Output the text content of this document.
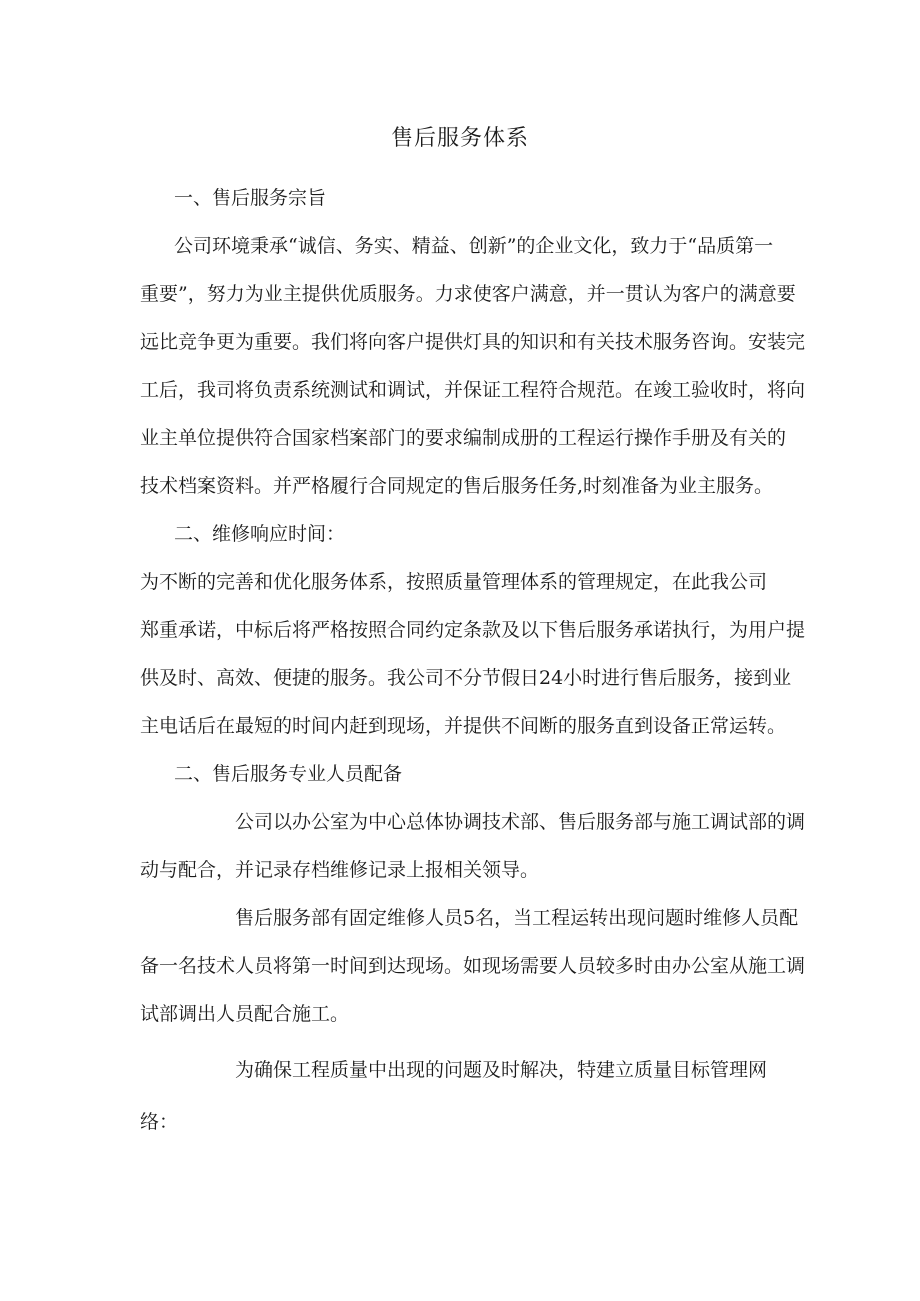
售后服务体系
一、售后服务宗旨
公司环境秉承“诚信、务实、精益、创新”的企业文化，致力于“品质第一
重要”，努力为业主提供优质服务。力求使客户满意，并一贯认为客户的满意要
远比竞争更为重要。我们将向客户提供灯具的知识和有关技术服务咨询。安装完
工后，我司将负责系统测试和调试，并保证工程符合规范。在竣工验收时，将向
业主单位提供符合国家档案部门的要求编制成册的工程运行操作手册及有关的
技术档案资料。并严格履行合同规定的售后服务任务,时刻准备为业主服务。
二、维修响应时间：
为不断的完善和优化服务体系，按照质量管理体系的管理规定，在此我公司
郑重承诺，中标后将严格按照合同约定条款及以下售后服务承诺执行，为用户提
供及时、高效、便捷的服务。我公司不分节假日24小时进行售后服务，接到业
主电话后在最短的时间内赶到现场，并提供不间断的服务直到设备正常运转。
二、售后服务专业人员配备
公司以办公室为中心总体协调技术部、售后服务部与施工调试部的调
动与配合，并记录存档维修记录上报相关领导。
售后服务部有固定维修人员5名，当工程运转出现问题时维修人员配
备一名技术人员将第一时间到达现场。如现场需要人员较多时由办公室从施工调
试部调出人员配合施工。
为确保工程质量中出现的问题及时解决，特建立质量目标管理网
络：
